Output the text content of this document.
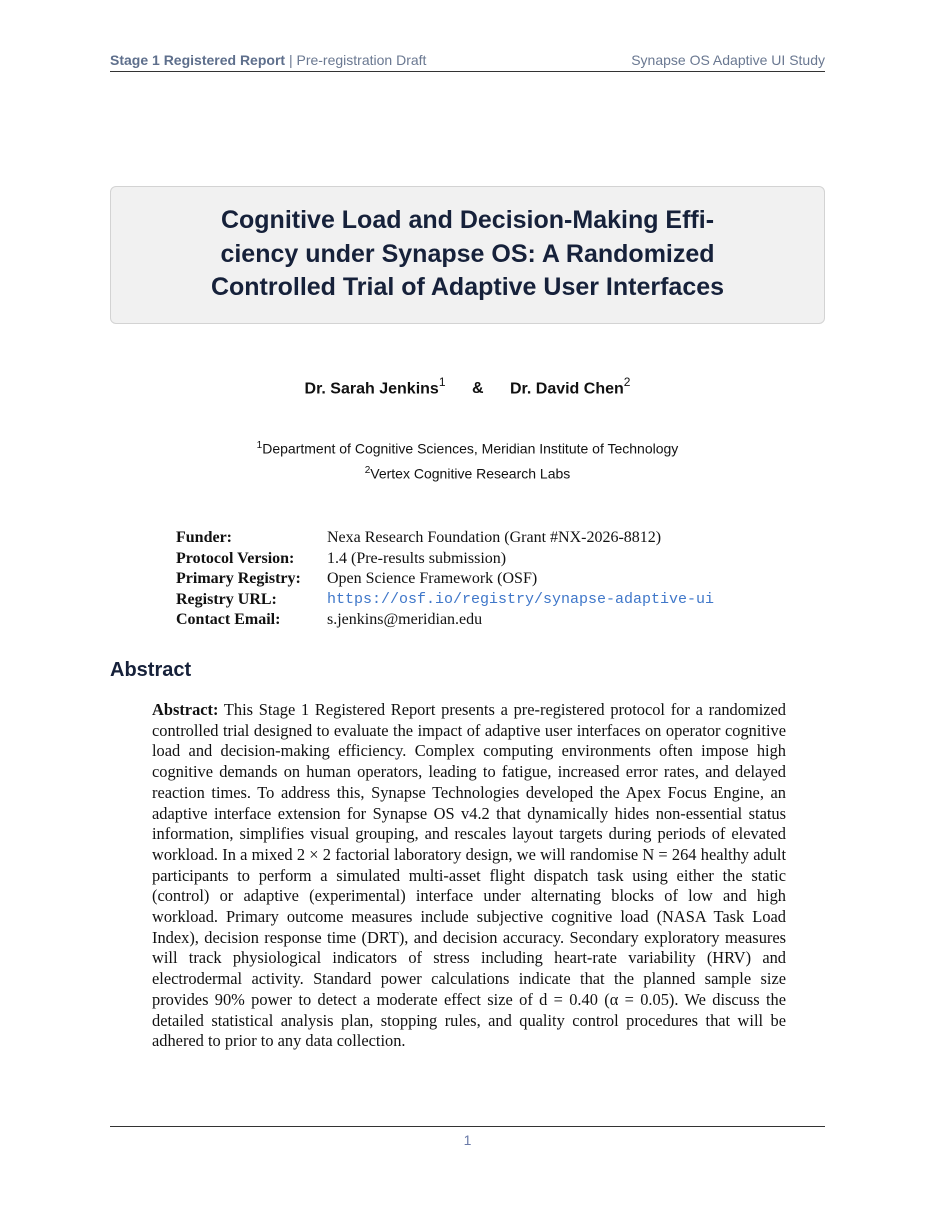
Stage 1 Registered Report | Pre-registration Draft	Synapse OS Adaptive UI Study
Cognitive Load and Decision-Making Effi- ciency under Synapse OS: A Randomized Controlled Trial of Adaptive User Interfaces
Dr. Sarah Jenkins$^1$ & Dr. David Chen$^2$
$^1$Department of Cognitive Sciences, Meridian Institute of Technology
$^2$Vertex Cognitive Research Labs
Funder:	Nexa Research Foundation (Grant #NX-2026-8812)
Protocol Version:	1.4 (Pre-results submission)
Primary Registry:	Open Science Framework (OSF)
Registry URL:	https://osf.io/registry/synapse-adaptive-ui
Contact Email:	s.jenkins@meridian.edu
Abstract
Abstract: This Stage 1 Registered Report presents a pre-registered protocol for a randomized controlled trial designed to evaluate the impact of adaptive user interfaces on operator cognitive load and decision-making efficiency. Complex computing environments often impose high cognitive demands on human operators, leading to fatigue, increased error rates, and delayed reaction times. To address this, Synapse Technologies developed the Apex Focus Engine, an adaptive interface extension for Synapse OS v4.2 that dynamically hides non-essential status information, simplifies visual grouping, and rescales layout targets during periods of elevated workload. In a mixed 2 × 2 factorial laboratory design, we will randomise N = 264 healthy adult participants to perform a simulated multi-asset flight dispatch task using either the static (control) or adaptive (experimental) interface under alternating blocks of low and high workload. Primary outcome measures include subjective cognitive load (NASA Task Load Index), decision response time (DRT), and decision accuracy. Secondary exploratory measures will track physiological indicators of stress including heart-rate variability (HRV) and electrodermal activity. Standard power calculations indicate that the planned sample size provides 90% power to detect a moderate effect size of d = 0.40 (α = 0.05). We discuss the detailed statistical analysis plan, stopping rules, and quality control procedures that will be adhered to prior to any data collection.
1
